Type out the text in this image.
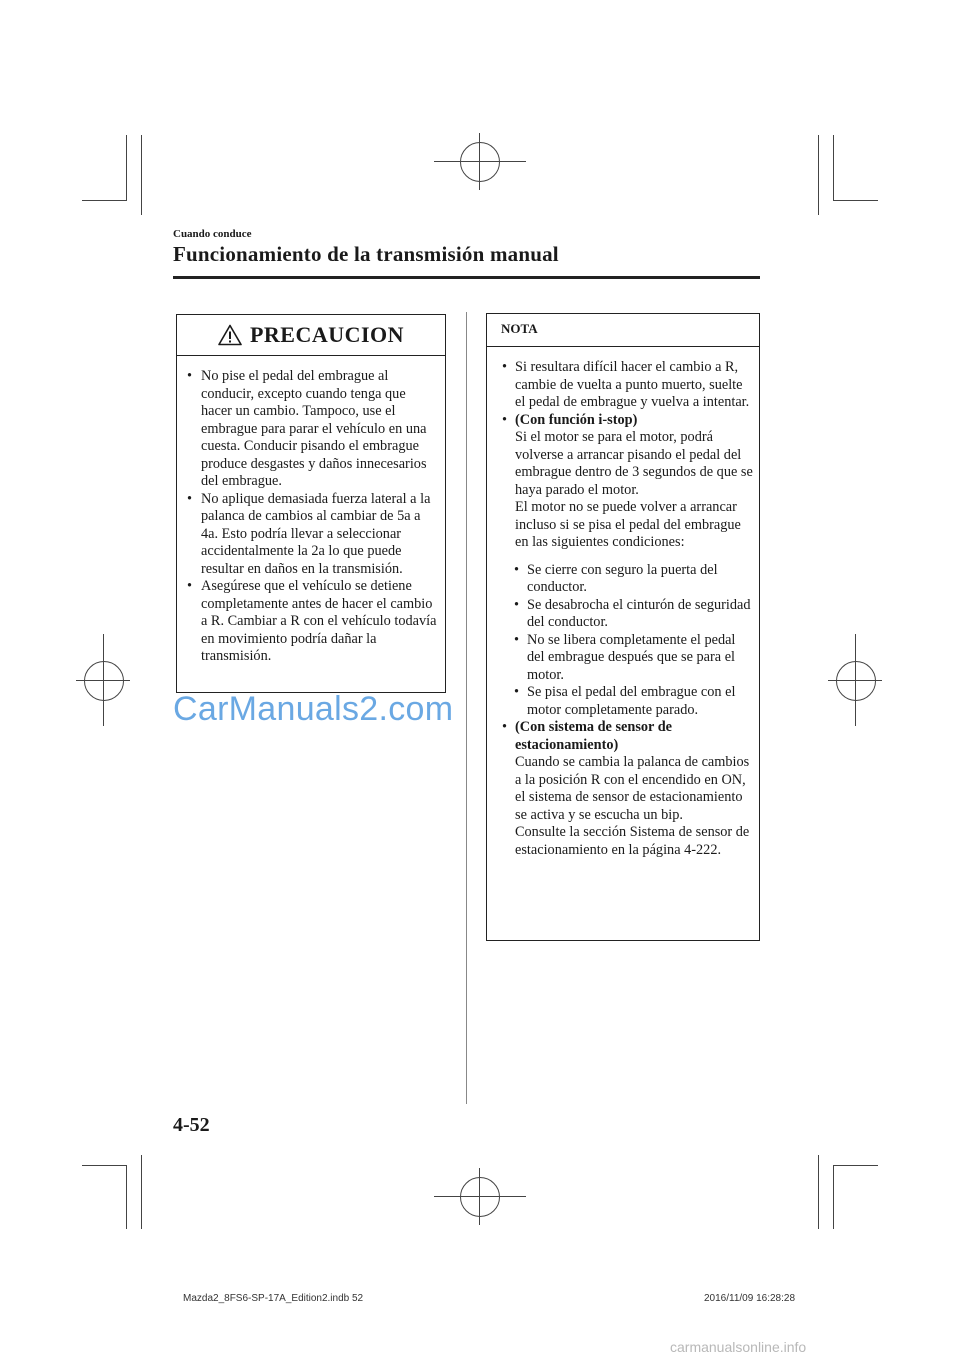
Cuando conduce
Funcionamiento de la transmisión manual
PRECAUCION
• No pise el pedal del embrague al conducir, excepto cuando tenga que hacer un cambio. Tampoco, use el embrague para parar el vehículo en una cuesta. Conducir pisando el embrague produce desgastes y daños innecesarios del embrague.
• No aplique demasiada fuerza lateral a la palanca de cambios al cambiar de 5a a 4a. Esto podría llevar a seleccionar accidentalmente la 2a lo que puede resultar en daños en la transmisión.
• Asegúrese que el vehículo se detiene completamente antes de hacer el cambio a R. Cambiar a R con el vehículo todavía en movimiento podría dañar la transmisión.
CarManuals2.com
NOTA
• Si resultara difícil hacer el cambio a R, cambie de vuelta a punto muerto, suelte el pedal de embrague y vuelva a intentar.
• (Con función i-stop)
Si el motor se para el motor, podrá volverse a arrancar pisando el pedal del embrague dentro de 3 segundos de que se haya parado el motor.
El motor no se puede volver a arrancar incluso si se pisa el pedal del embrague en las siguientes condiciones:
• Se cierre con seguro la puerta del conductor.
• Se desabrocha el cinturón de seguridad del conductor.
• No se libera completamente el pedal del embrague después que se para el motor.
• Se pisa el pedal del embrague con el motor completamente parado.
• (Con sistema de sensor de estacionamiento)
Cuando se cambia la palanca de cambios a la posición R con el encendido en ON, el sistema de sensor de estacionamiento se activa y se escucha un bip.
Consulte la sección Sistema de sensor de estacionamiento en la página 4-222.
4-52
Mazda2_8FS6-SP-17A_Edition2.indb 52	2016/11/09 16:28:28
carmanualsonline.info
